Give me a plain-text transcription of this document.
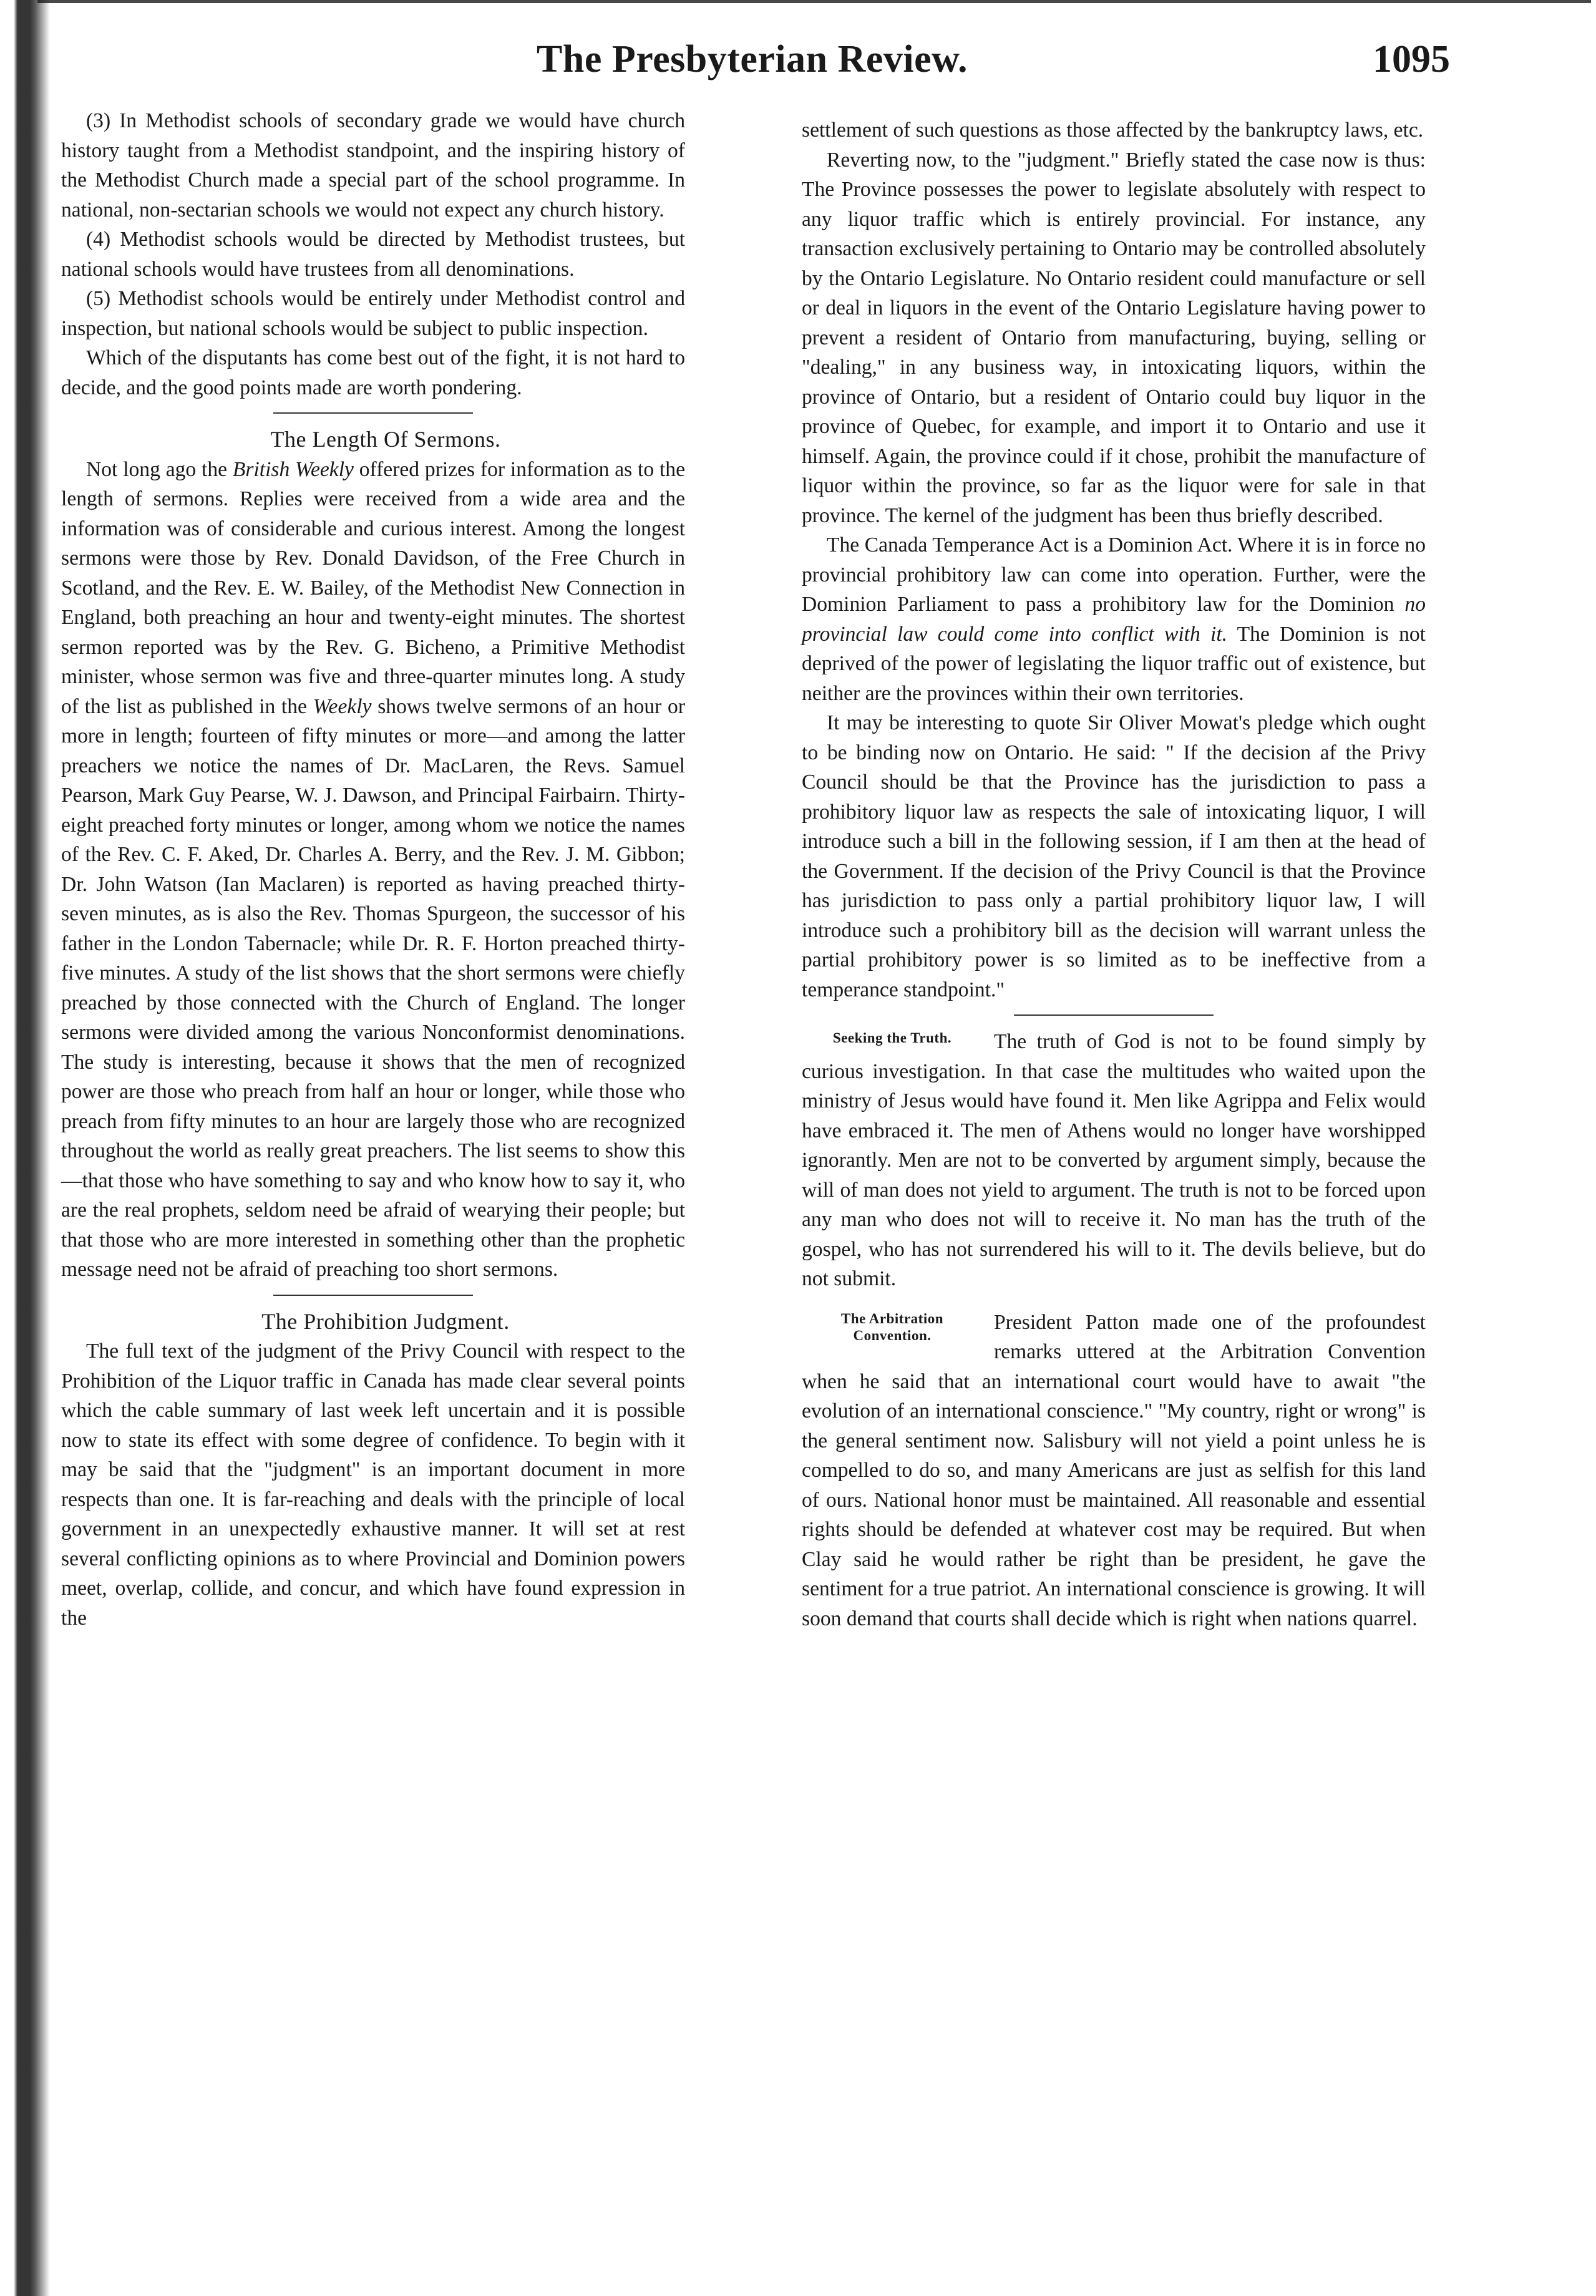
The Presbyterian Review.	1095

(3) In Methodist schools of secondary grade we would have church history taught from a Methodist standpoint, and the inspiring history of the Methodist Church made a special part of the school programme. In national, non-sectarian schools we would not expect any church history.

(4) Methodist schools would be directed by Methodist trustees, but national schools would have trustees from all denominations.

(5) Methodist schools would be entirely under Methodist control and inspection, but national schools would be subject to public inspection.

Which of the disputants has come best out of the fight, it is not hard to decide, and the good points made are worth pondering.

The Length Of Sermons.

Not long ago the British Weekly offered prizes for information as to the length of sermons. Replies were received from a wide area and the information was of considerable and curious interest. Among the longest sermons were those by Rev. Donald Davidson, of the Free Church in Scotland, and the Rev. E. W. Bailey, of the Methodist New Connection in England, both preaching an hour and twenty-eight minutes. The shortest sermon reported was by the Rev. G. Bicheno, a Primitive Methodist minister, whose sermon was five and three-quarter minutes long. A study of the list as published in the Weekly shows twelve sermons of an hour or more in length; fourteen of fifty minutes or more—and among the latter preachers we notice the names of Dr. MacLaren, the Revs. Samuel Pearson, Mark Guy Pearse, W. J. Dawson, and Principal Fairbairn. Thirty-eight preached forty minutes or longer, among whom we notice the names of the Rev. C. F. Aked, Dr. Charles A. Berry, and the Rev. J. M. Gibbon; Dr. John Watson (Ian Maclaren) is reported as having preached thirty-seven minutes, as is also the Rev. Thomas Spurgeon, the successor of his father in the London Tabernacle; while Dr. R. F. Horton preached thirty-five minutes. A study of the list shows that the short sermons were chiefly preached by those connected with the Church of England. The longer sermons were divided among the various Nonconformist denominations. The study is interesting, because it shows that the men of recognized power are those who preach from half an hour or longer, while those who preach from fifty minutes to an hour are largely those who are recognized throughout the world as really great preachers. The list seems to show this—that those who have something to say and who know how to say it, who are the real prophets, seldom need be afraid of wearying their people; but that those who are more interested in something other than the prophetic message need not be afraid of preaching too short sermons.

The Prohibition Judgment.

The full text of the judgment of the Privy Council with respect to the Prohibition of the Liquor traffic in Canada has made clear several points which the cable summary of last week left uncertain and it is possible now to state its effect with some degree of confidence. To begin with it may be said that the "judgment" is an important document in more respects than one. It is far-reaching and deals with the principle of local government in an unexpectedly exhaustive manner. It will set at rest several conflicting opinions as to where Provincial and Dominion powers meet, overlap, collide, and concur, and which have found expression in the

settlement of such questions as those affected by the bankruptcy laws, etc.

Reverting now, to the "judgment." Briefly stated the case now is thus: The Province possesses the power to legislate absolutely with respect to any liquor traffic which is entirely provincial. For instance, any transaction exclusively pertaining to Ontario may be controlled absolutely by the Ontario Legislature. No Ontario resident could manufacture or sell or deal in liquors in the event of the Ontario Legislature having power to prevent a resident of Ontario from manufacturing, buying, selling or "dealing," in any business way, in intoxicating liquors, within the province of Ontario, but a resident of Ontario could buy liquor in the province of Quebec, for example, and import it to Ontario and use it himself. Again, the province could if it chose, prohibit the manufacture of liquor within the province, so far as the liquor were for sale in that province. The kernel of the judgment has been thus briefly described.

The Canada Temperance Act is a Dominion Act. Where it is in force no provincial prohibitory law can come into operation. Further, were the Dominion Parliament to pass a prohibitory law for the Dominion no provincial law could come into conflict with it. The Dominion is not deprived of the power of legislating the liquor traffic out of existence, but neither are the provinces within their own territories.

It may be interesting to quote Sir Oliver Mowat's pledge which ought to be binding now on Ontario. He said: " If the decision af the Privy Council should be that the Province has the jurisdiction to pass a prohibitory liquor law as respects the sale of intoxicating liquor, I will introduce such a bill in the following session, if I am then at the head of the Government. If the decision of the Privy Council is that the Province has jurisdiction to pass only a partial prohibitory liquor law, I will introduce such a prohibitory bill as the decision will warrant unless the partial prohibitory power is so limited as to be ineffective from a temperance standpoint."

Seeking the Truth.	The truth of God is not to be found simply by curious investigation. In that case the multitudes who waited upon the ministry of Jesus would have found it. Men like Agrippa and Felix would have embraced it. The men of Athens would no longer have worshipped ignorantly. Men are not to be converted by argument simply, because the will of man does not yield to argument. The truth is not to be forced upon any man who does not will to receive it. No man has the truth of the gospel, who has not surrendered his will to it. The devils believe, but do not submit.

The Arbitration Convention.

President Patton made one of the profoundest remarks uttered at the Arbitration Convention when he said that an international court would have to await "the evolution of an international conscience." "My country, right or wrong" is the general sentiment now. Salisbury will not yield a point unless he is compelled to do so, and many Americans are just as selfish for this land of ours. National honor must be maintained. All reasonable and essential rights should be defended at whatever cost may be required. But when Clay said he would rather be right than be president, he gave the sentiment for a true patriot. An international conscience is growing. It will soon demand that courts shall decide which is right when nations quarrel.
